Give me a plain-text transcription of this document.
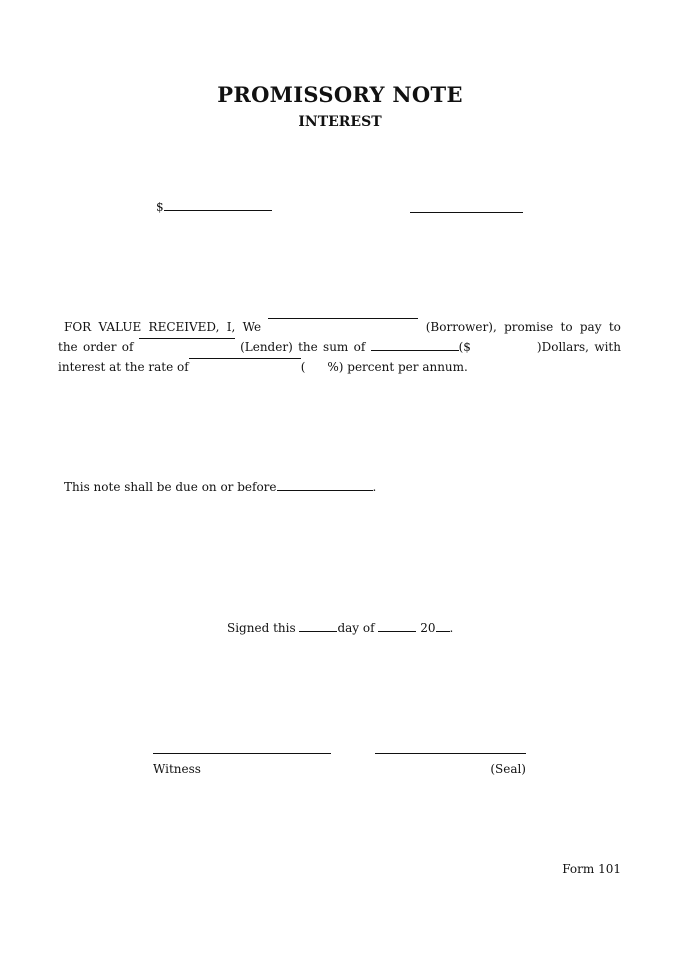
PROMISSORY NOTE
INTEREST
$
FOR VALUE RECEIVED, I, We	(Borrower), promise to pay to
the order of	(Lender) the sum of	($	)Dollars, with
interest at the rate of	( %) percent per annum.
This note shall be due on or before	.
Signed this	day of	20 .
Witness	(Seal)
Form 101
